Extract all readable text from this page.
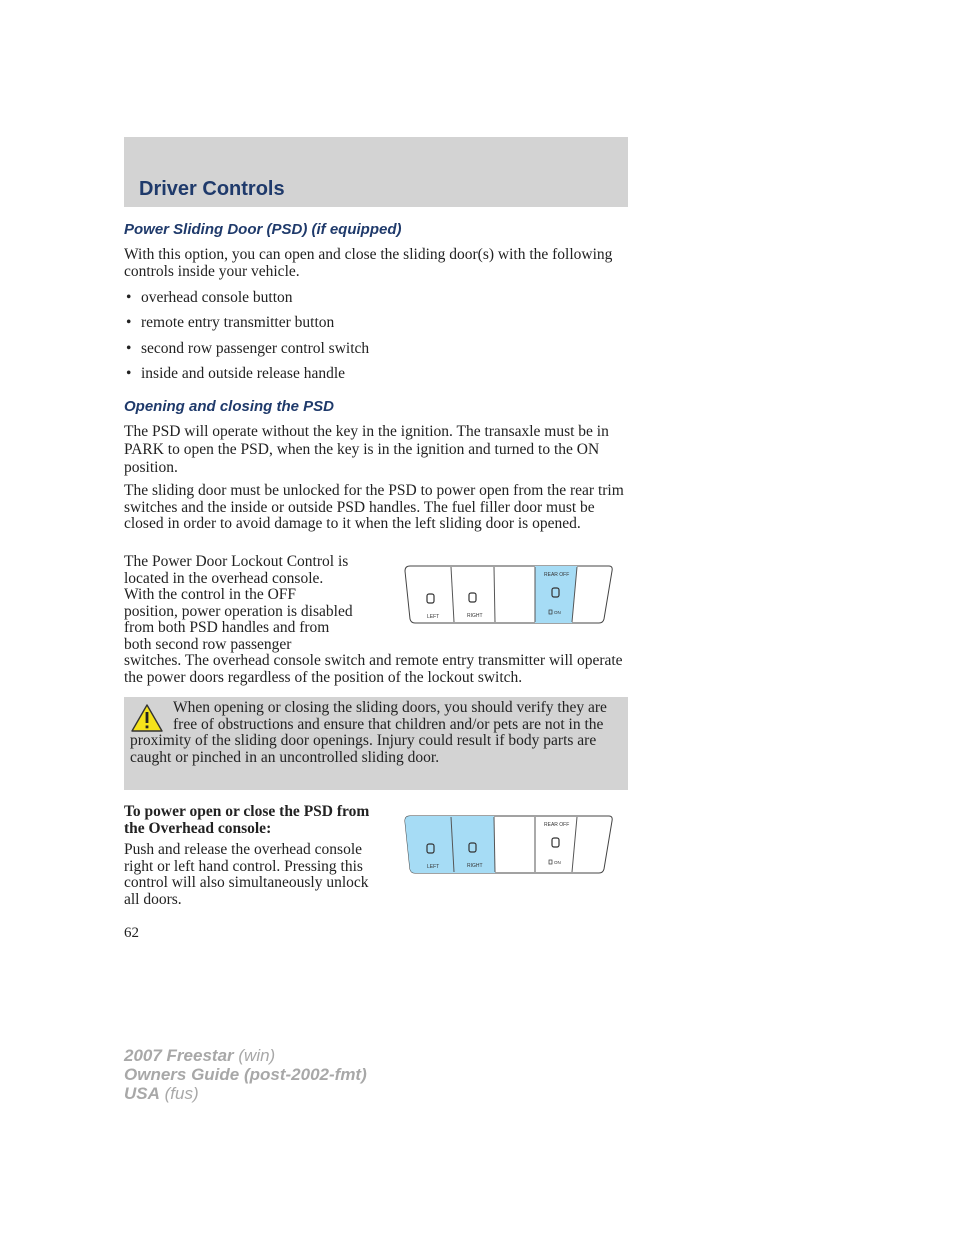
Driver Controls
Power Sliding Door (PSD) (if equipped)

With this option, you can open and close the sliding door(s) with the following controls inside your vehicle.

• overhead console button
• remote entry transmitter button
• second row passenger control switch
• inside and outside release handle
Opening and closing the PSD

The PSD will operate without the key in the ignition. The transaxle must be in PARK to open the PSD, when the key is in the ignition and turned to the ON position.

The sliding door must be unlocked for the PSD to power open from the rear trim switches and the inside or outside PSD handles. The fuel filler door must be closed in order to avoid damage to it when the left sliding door is opened.

The Power Door Lockout Control is
located in the overhead console.
With the control in the OFF
position, power operation is disabled
from both PSD handles and from
both second row passenger

switches. The overhead console switch and remote entry transmitter will operate the power doors regardless of the position of the lockout switch.

LEFT	RIGHT
REAR OFF
ON

When opening or closing the sliding doors, you should verify they are free of obstructions and ensure that children and/or pets are not in the proximity of the sliding door openings. Injury could result if body parts are caught or pinched in an uncontrolled sliding door.

To power open or close the PSD from the Overhead console:

Push and release the overhead console right or left hand control. Pressing this control will also simultaneously unlock all doors.

LEFT	RIGHT
REAR OFF
ON

62

2007 Freestar (win)
Owners Guide (post-2002-fmt)
USA (fus)
